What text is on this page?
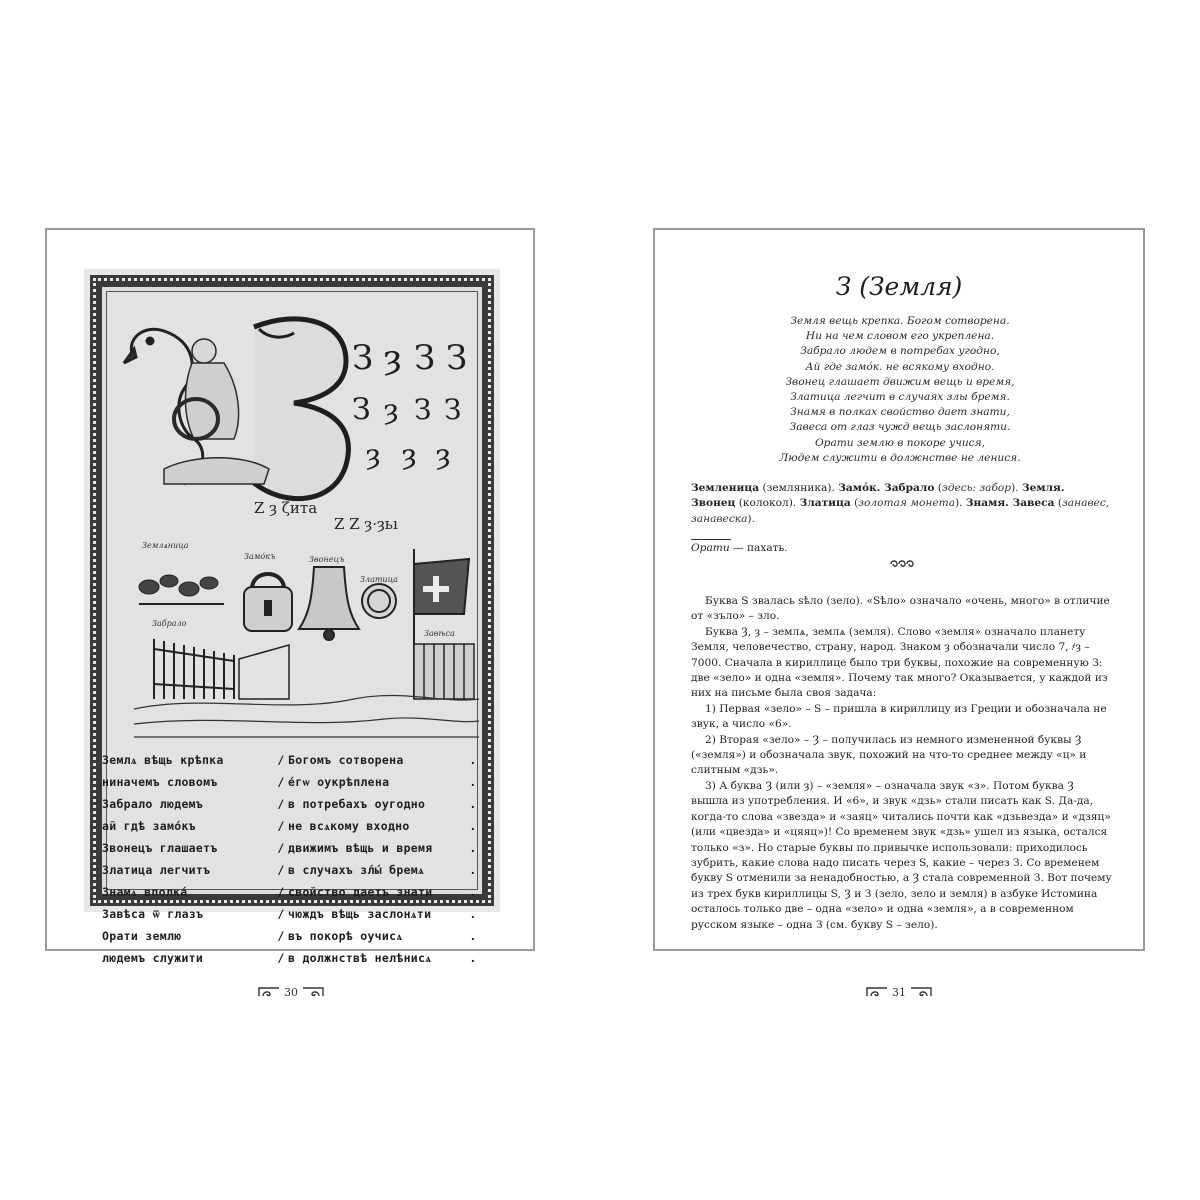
З ȝ З З
З ȝ З З
ȝ ȝ ȝ
Ζ ȝ ζита
Ζ Ζ ȝ·ȝьı
Землѧница
Замо́къ	Звонецъ
Златица
Забрало
Завѣса
Землѧ вѣщь крѣпка	/ Богомъ сотворена	.
ниначемъ словомъ	/ е́гѡ оукрѣплена	.
Забрало людемъ	/ в потребахъ оугодно	.
ай гдѣ замо́къ	/ не всѧкому входно	.
Звонецъ глашаетъ	/ движимъ вѣщь и время	.
Златица легчитъ	/ в случахъ зл́ы́ бремѧ	.
Знамѧ вполка́	/ свойство даетъ знати	.
Завѣса ѿ глазъ	/ чюждъ вѣщь заслонѧти	.
Орати землю	/ въ покорѣ оучисѧ	.
людемъ служити	/ в должнствѣ нелѣнисѧ	.
З (Земля)
Земля вещь крепка. Богом сотворена.
Ни на чем словом его укреплена.
Забрало людем в потребах угодно,
Ай где замо́к. не всякому входно.
Звонец глашает движим вещь и время,
Златица легчит в случаях злы бремя.
Знамя в полках свойство дает знати,
Завеса от глаз чужд вещь заслоняти.
Орати землю в покоре учися,
Людем служити в должнстве не ленися.
Земленица (земляника). Замо́к. Забрало (здесь: забор). Земля. Звонец (колокол). Златица (золотая монета). Знамя. Завеса (занавес, занавеска).
Орати — пахать.

Буква S звалась ѕѣло (зело). «Ѕѣло» означало «очень, много» в отличие от «зъло» – зло.

Буква Ȝ, ȝ – землѧ, землѧ (земля). Слово «земля» означало планету Земля, человечество, страну, народ. Знаком ȝ обозначали число 7, ҂ȝ – 7000. Сначала в кириллице было три буквы, похожие на современную З: две «зело» и одна «земля». Почему так много? Оказывается, у каждой из них на письме была своя задача:

1) Первая «зело» – S – пришла в кириллицу из Греции и обозначала не звук, а число «6».

2) Вторая «зело» – Ȝ – получилась из немного измененной буквы Ȝ («земля») и обозначала звук, похожий на что-то среднее между «ц» и слитным «дзь».

3) А буква Ȝ (или ȝ) – «земля» – означала звук «з». Потом буква Ȝ вышла из употребления. И «6», и звук «дзь» стали писать как S. Да-да, когда-то слова «звезда» и «заяц» читались почти как «дзьвезда» и «дзяц» (или «цвезда» и «цяяц»)! Со временем звук «дзь» ушел из языка, остался только «з». Но старые буквы по привычке использовали: приходилось зубрить, какие слова надо писать через S, какие – через З. Со временем букву S отменили за ненадобностью, а Ȝ стала современной З. Вот почему из трех букв кириллицы S, Ȝ и З (зело, зело и земля) в азбуке Истомина осталось только две – одна «зело» и одна «земля», а в современном русском языке – одна З (см. букву S – зело).

30	31
